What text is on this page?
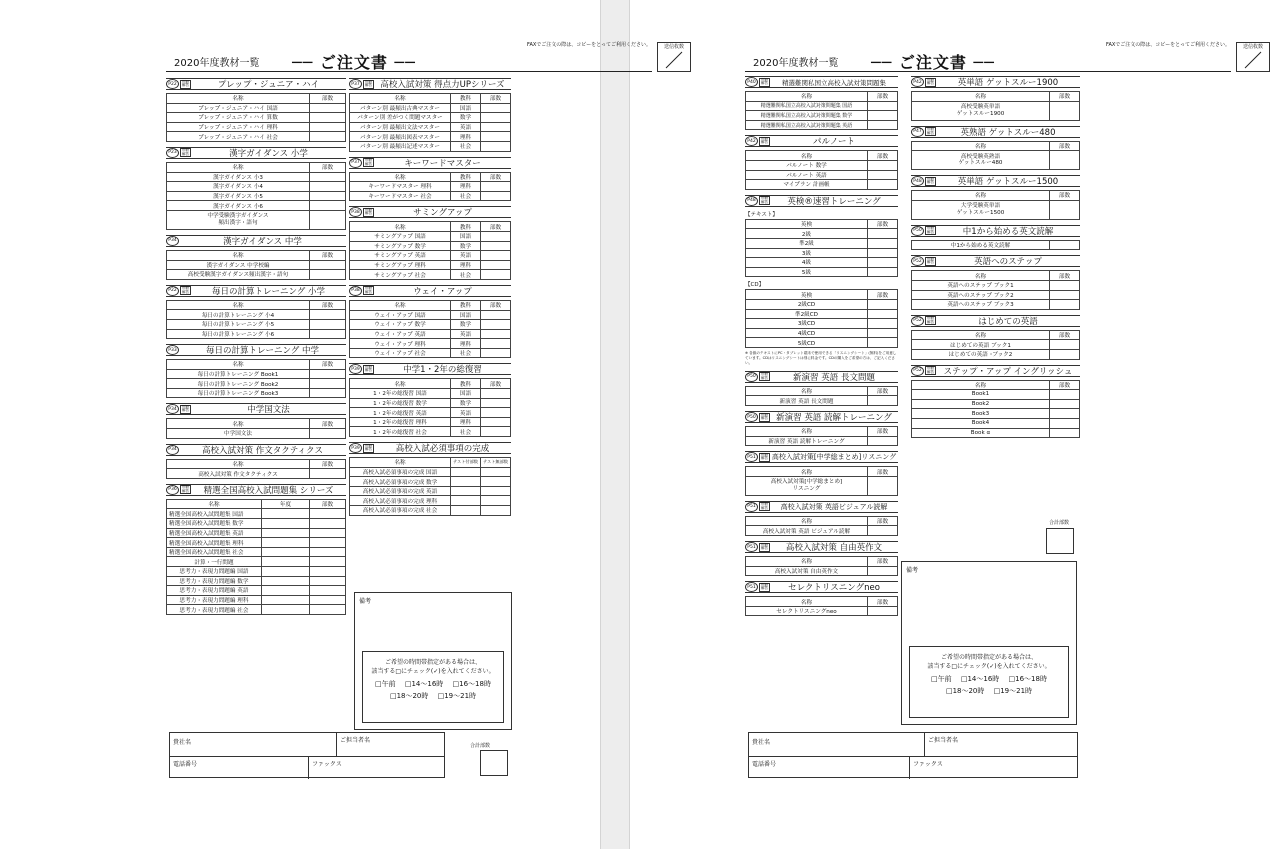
FAXでご注文の際は、コピーをとってご利用ください。	送信枚数
2020年度教材一覧	── ご注文書 ──
P22	別冊
解答	プレップ・ジュニア・ハイ
名称	部数
プレップ・ジュニア・ハイ 国語	
プレップ・ジュニア・ハイ 算数	
プレップ・ジュニア・ハイ 理科	
プレップ・ジュニア・ハイ 社会	
P23	別冊
解答	漢字ガイダンス 小学
名称	部数
漢字ガイダンス 小3	
漢字ガイダンス 小4	
漢字ガイダンス 小5	
漢字ガイダンス 小6	
中学受験漢字ガイダンス
頻出漢字・語句	
P34	漢字ガイダンス 中学
名称	部数
漢字ガイダンス 中学校編	
高校受験漢字ガイダンス頻出漢字・語句	
P22	別冊
解答	毎日の計算トレーニング 小学
名称	部数
毎日の計算トレーニング 小4	
毎日の計算トレーニング 小5	
毎日の計算トレーニング 小6	
P33	毎日の計算トレーニング 中学
名称	部数
毎日の計算トレーニング Book1	
毎日の計算トレーニング Book2	
毎日の計算トレーニング Book3	
P34	別冊
解答	中学国文法
名称	部数
中学国文法	
P34	高校入試対策 作文タクティクス
名称	部数
高校入試対策 作文タクティクス	
P36	別冊
解答	精選全国高校入試問題集 シリーズ
名称	年度	部数
精選全国高校入試問題集 国語		
精選全国高校入試問題集 数学		
精選全国高校入試問題集 英語		
精選全国高校入試問題集 理科		
精選全国高校入試問題集 社会		
計算・一行問題		
思考力・表現力問題編 国語		
思考力・表現力問題編 数学		
思考力・表現力問題編 英語		
思考力・表現力問題編 理科		
思考力・表現力問題編 社会		
P37	別冊
解答 高校入試対策 得点力UPシリーズ
名称	教科	部数
パターン別 最頻出古典マスター	国語	
パターン別 差がつく問題マスター	数学	
パターン別 最頻出文法マスター	英語	
パターン別 最頻出図表マスター	理科	
パターン別 最頻出記述マスター	社会	
P37	別冊
解答	キーワードマスター
名称	教科	部数
キーワードマスター 理科	理科	
キーワードマスター 社会	社会	
P38	別冊
解答	サミングアップ
名称	教科	部数
サミングアップ 国語	国語	
サミングアップ 数学	数学	
サミングアップ 英語	英語	
サミングアップ 理科	理科	
サミングアップ 社会	社会	
P38	別冊
解答	ウェイ・アップ
名称	教科	部数
ウェイ・アップ 国語	国語	
ウェイ・アップ 数学	数学	
ウェイ・アップ 英語	英語	
ウェイ・アップ 理科	理科	
ウェイ・アップ 社会	社会	
P39	別冊
解答	中学1・2年の総復習
名称	教科	部数
1・2年の総復習 国語	国語	
1・2年の総復習 数学	数学	
1・2年の総復習 英語	英語	
1・2年の総復習 理科	理科	
1・2年の総復習 社会	社会	
P39	別冊
解答	高校入試必須事項の完成
名称	テスト付部数	テスト無部数
高校入試必須事項の完成 国語		
高校入試必須事項の完成 数学		
高校入試必須事項の完成 英語		
高校入試必須事項の完成 理科		
高校入試必須事項の完成 社会		
備考
ご希望の時間帯指定がある場合は、
該当する□にチェック(✓)を入れてください。
□午前　 □14～16時　 □16～18時
□18～20時　 □19～21時
貴社名	ご担当者名
電話番号	ファックス
合計部数
FAXでご注文の際は、コピーをとってご利用ください。	送信枚数
2020年度教材一覧	── ご注文書 ──
P40	別冊
解答	精選難関私国立高校入試対策問題集
名称	部数
精選難関私国立高校入試対策問題集 国語	
精選難関私国立高校入試対策問題集 数学	
精選難関私国立高校入試対策問題集 英語	
P42	別冊
解答	パルノート
名称	部数
パルノート 数学	
パルノート 英語	
マイプラン 計画帳	
P48	別冊
解答	英検®速習トレーニング
【テキスト】
英検	部数
2級	
準2級	
3級	
4級	
5級	
【CD】
英検	部数
2級CD	
準2級CD	
3級CD	
4級CD	
5級CD	
※ 各級のテキストにPC・タブレット端末で使用できる「リスニングシート」(無料)をご用意しています。CDはリスニングシートは別に料金です。CDの購入をご希望の方は、ご記入ください。
P50	別冊
解答	新演習 英語 長文問題
名称	部数
新演習 英語 長文問題	
P50	別冊
解答 新演習 英語 読解トレーニング
名称	部数
新演習 英語 読解トレーニング	
P51	別冊
解答 高校入試対策[中学総まとめ]リスニング
名称	部数
高校入試対策[中学総まとめ]
リスニング	
P51	別冊
解答	高校入試対策 英語ビジュアル読解
名称	部数
高校入試対策 英語 ビジュアル読解	
P51	別冊
解答	高校入試対策 自由英作文
名称	部数
高校入試対策 自由英作文	
P51	別冊
解答	セレクトリスニングneo
名称	部数
セレクトリスニングneo	
P42	別冊
解答	英単語 ゲットスルー1900
名称	部数
高校受験英単語
ゲットスルー1900	
P47	別冊
解答	英熟語 ゲットスルー480
名称	部数
高校受験英熟語
ゲットスルー480	
P48	別冊
解答	英単語 ゲットスルー1500
名称	部数
大学受験英単語
ゲットスルー1500	
P50	別冊
解答	中1から始める英文読解
中1から始める英文読解	
P52	別冊
解答	英語へのステップ
名称	部数
英語へのステップ ブック1	
英語へのステップ ブック2	
英語へのステップ ブック3	
P52	別冊
解答	はじめての英語
名称	部数
はじめての英語 ブック1	
はじめての英語 ･ブック2	
P52	別冊
解答	ステップ・アップ イングリッシュ
名称	部数
Book1	
Book2	
Book3	
Book4	
Book α	
合計部数
備考
ご希望の時間帯指定がある場合は、
該当する□にチェック(✓)を入れてください。
□午前　 □14～16時　 □16～18時
□18～20時　 □19～21時
貴社名	ご担当者名
電話番号	ファックス
